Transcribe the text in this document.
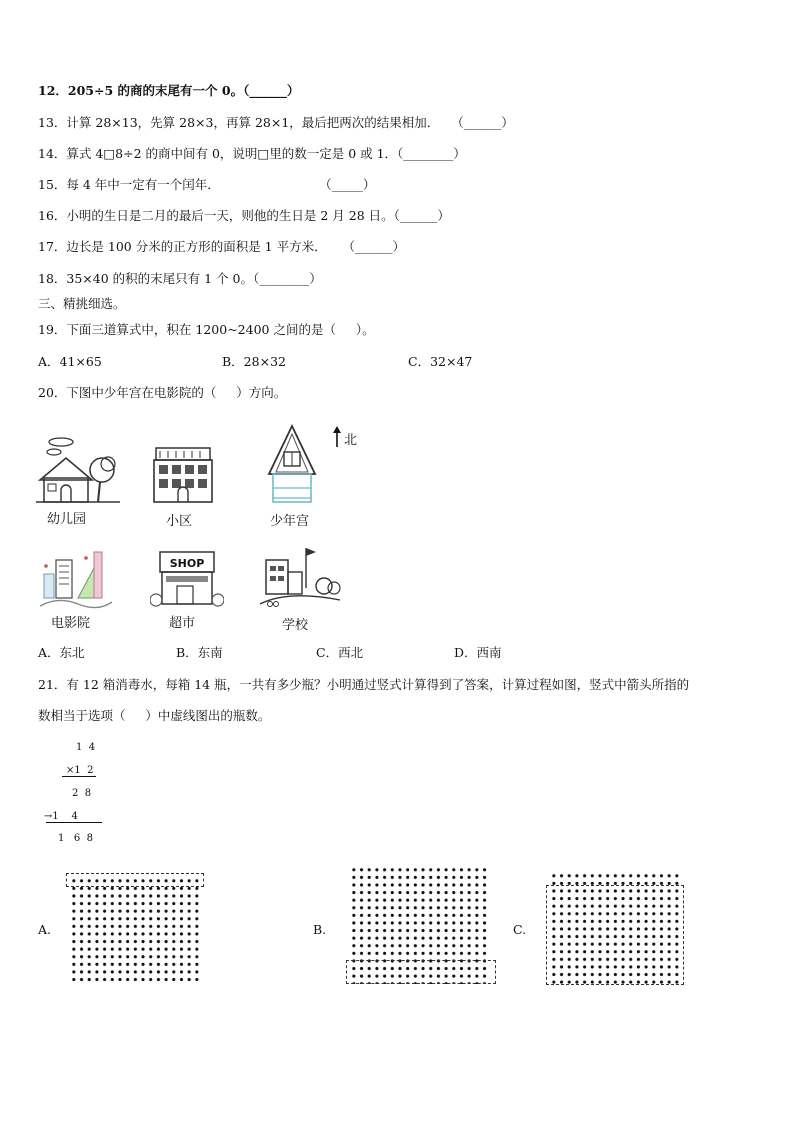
12．205÷5 的商的末尾有一个 0。（______）
13．计算 28×13，先算 28×3，再算 28×1，最后把两次的结果相加．   （______）
14．算式 4□8÷2 的商中间有 0，说明□里的数一定是 0 或 1．（________）
15．每 4 年中一定有一个闰年．                         （_____）
16．小明的生日是二月的最后一天，则他的生日是 2 月 28 日。（______）
17．边长是 100 分米的正方形的面积是 1 平方米．    （______）
18．35×40 的积的末尾只有 1 个 0。（________）
三、精挑细选。
19．下面三道算式中，积在 1200~2400 之间的是（     ）。
A．41×65	B．28×32	C．32×47
20．下图中少年宫在电影院的（     ）方向。
北
幼儿园	小区	少年宫
电影院
SHOP
超市	学校
A．东北	B．东南	C．西北	D．西南
21．有 12 箱消毒水，每箱 14 瓶，一共有多少瓶？小明通过竖式计算得到了答案，计算过程如图，竖式中箭头所指的
数相当于选项（     ）中虚线图出的瓶数。
1  4
×1  2
2  8
→1    4
1   6  8
A.	B.	C.
